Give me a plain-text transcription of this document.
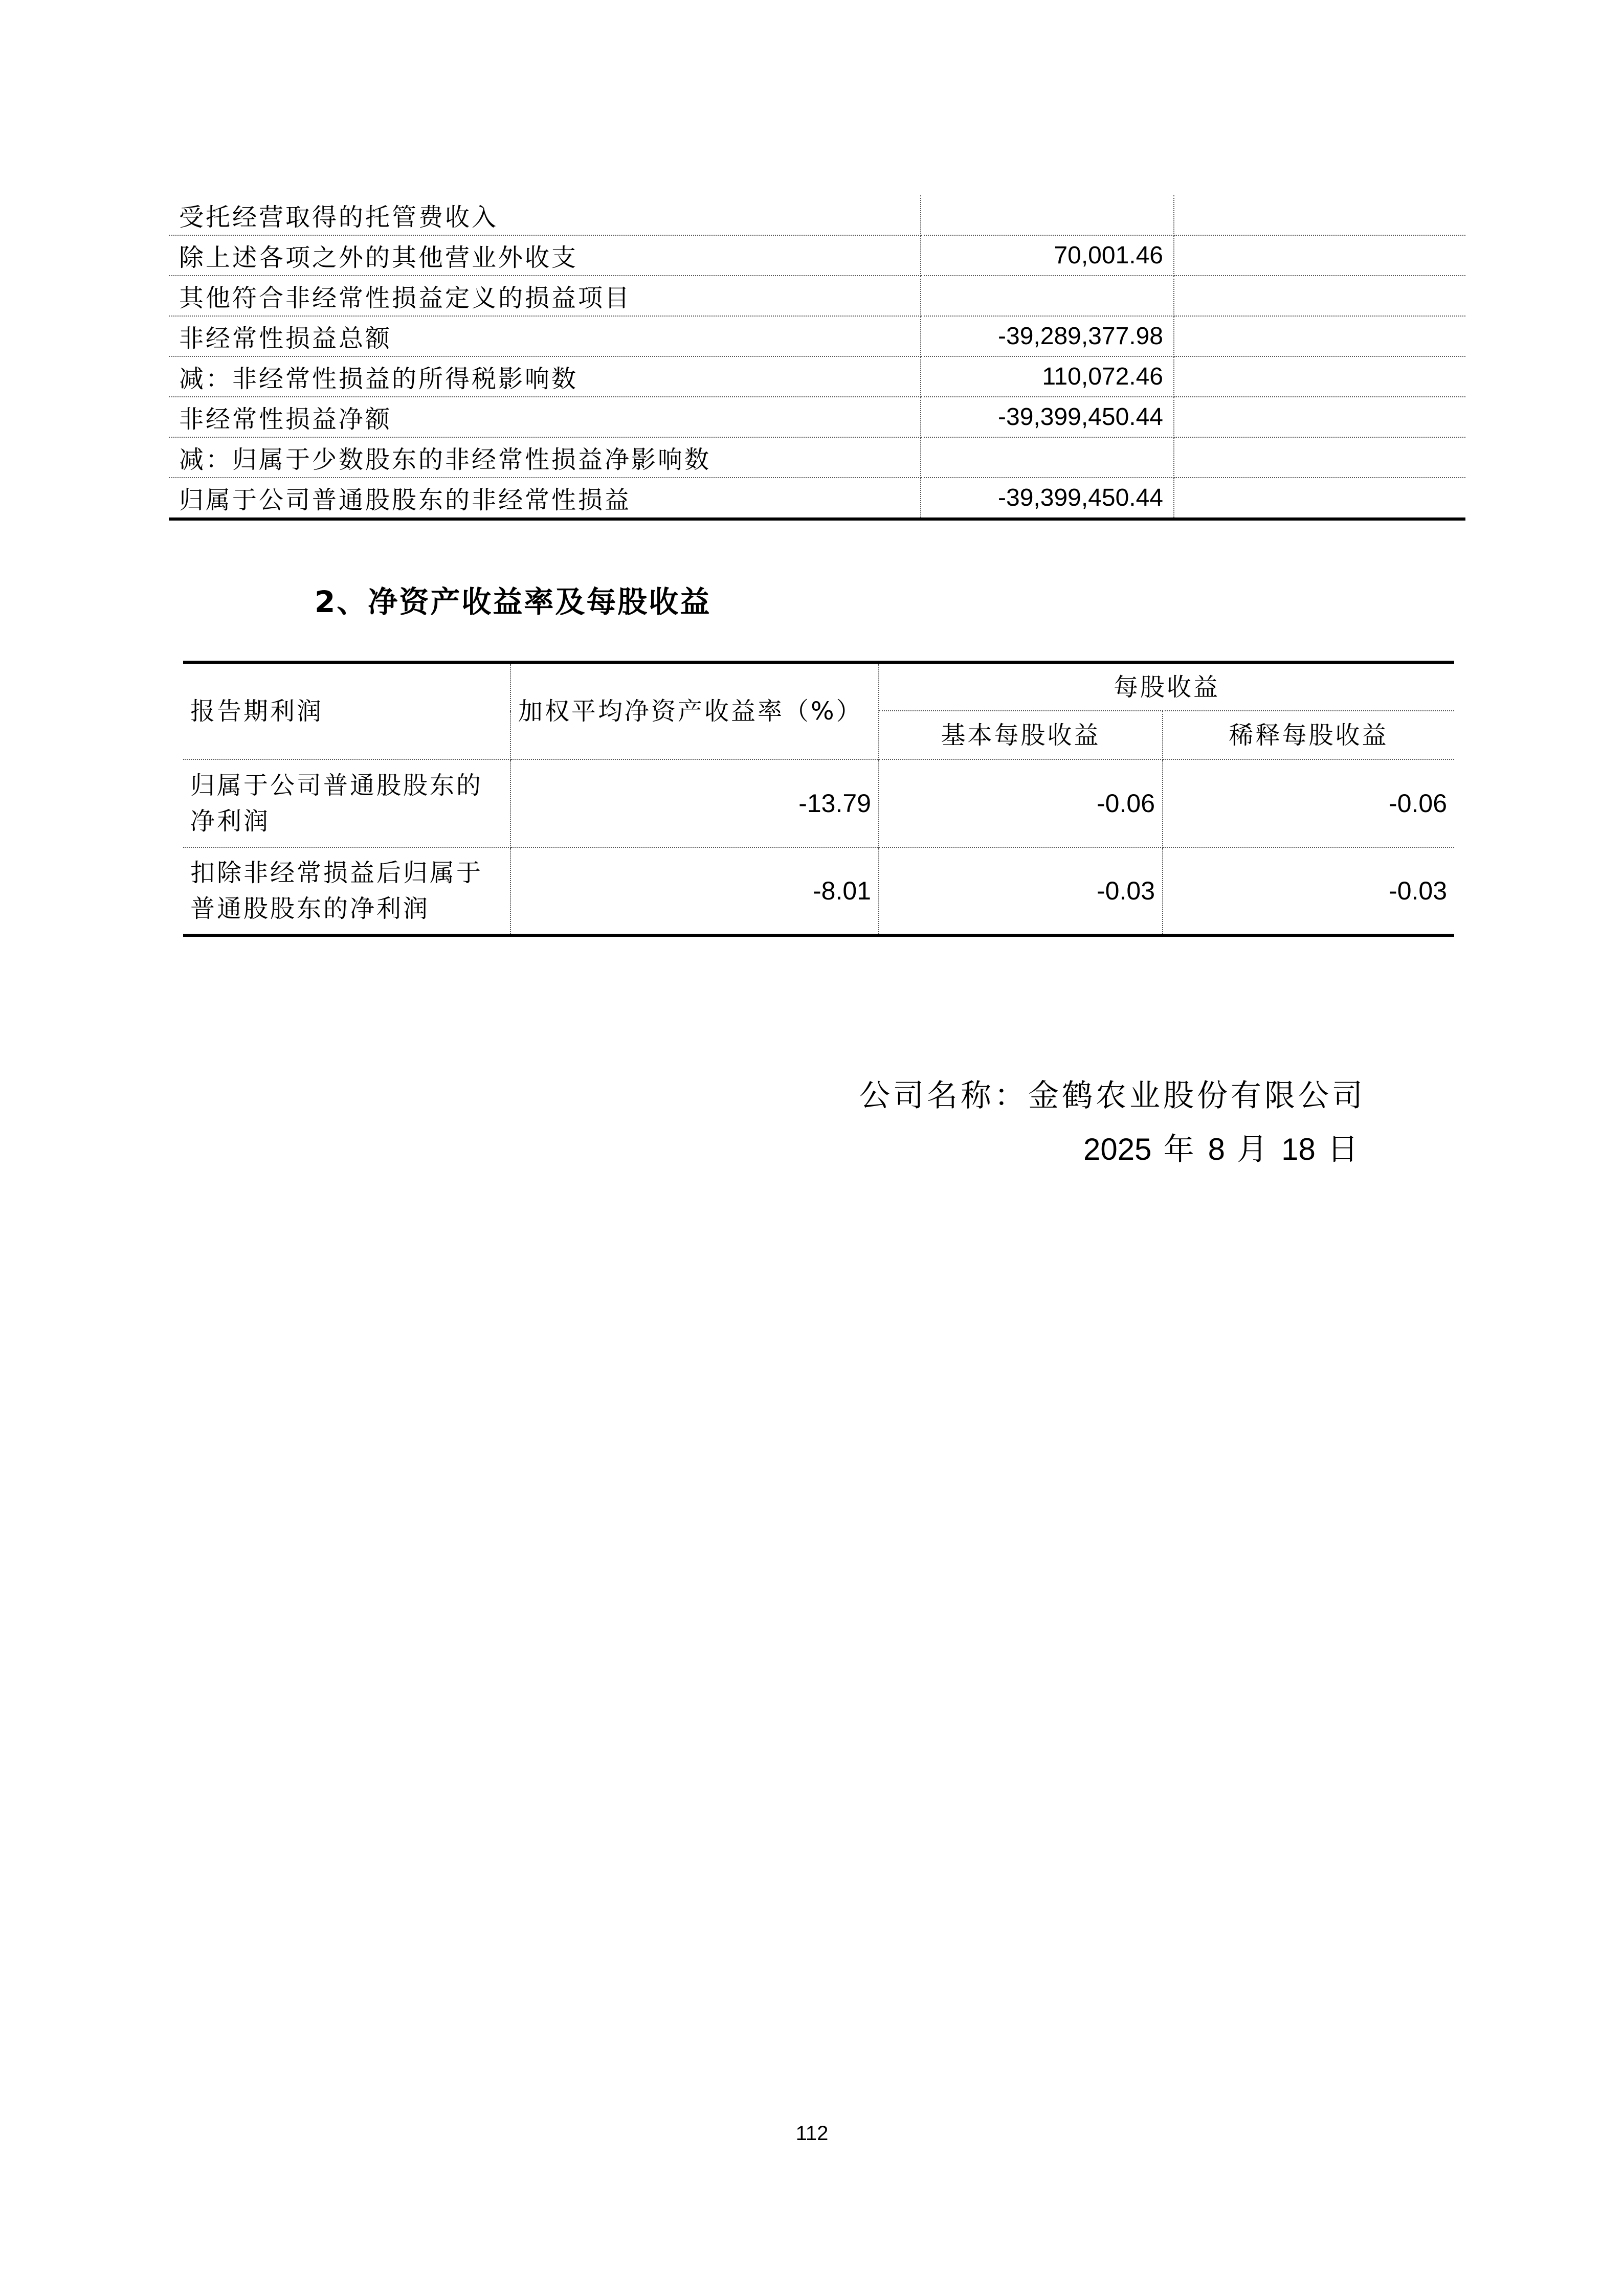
受托经营取得的托管费收入		
除上述各项之外的其他营业外收支	70,001.46	
其他符合非经常性损益定义的损益项目		
非经常性损益总额	-39,289,377.98	
减：非经常性损益的所得税影响数	110,072.46	
非经常性损益净额	-39,399,450.44	
减：归属于少数股东的非经常性损益净影响数		
归属于公司普通股股东的非经常性损益	-39,399,450.44	
2、净资产收益率及每股收益
报告期利润	加权平均净资产收益率（%）	每股收益	
		基本每股收益	稀释每股收益
归属于公司普通股股东的净利润	-13.79	-0.06	-0.06
扣除非经常损益后归属于普通股股东的净利润	-8.01	-0.03	-0.03
公司名称：金鹤农业股份有限公司
2025 年 8 月 18 日
112
